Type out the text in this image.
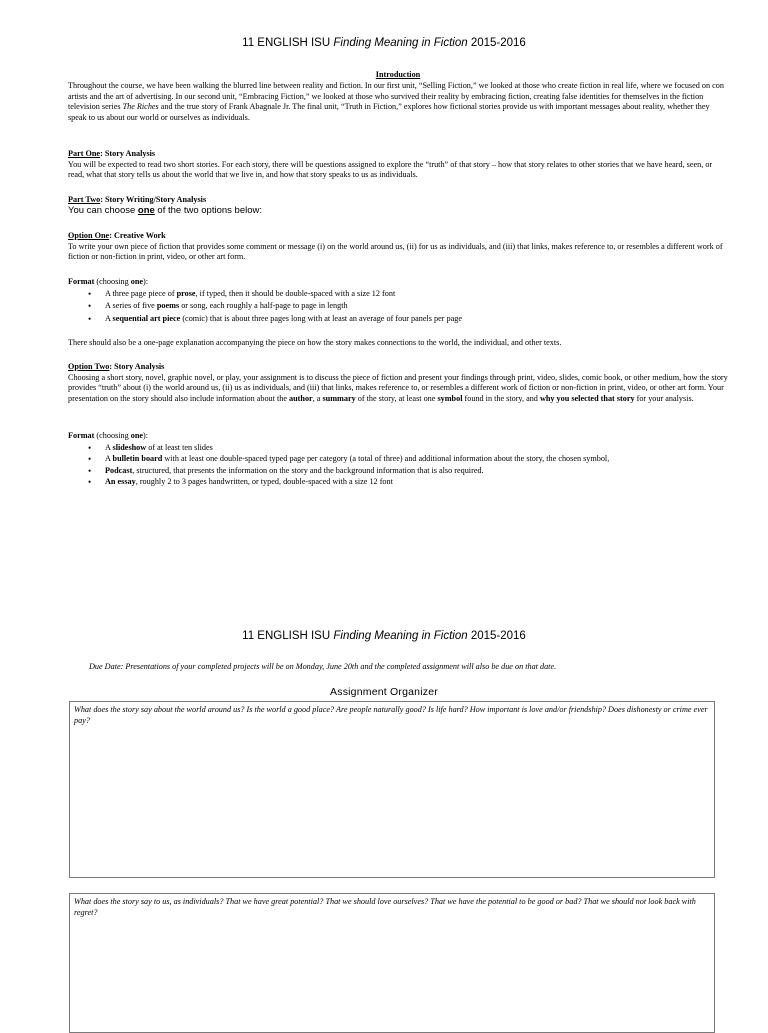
11 ENGLISH ISU Finding Meaning in Fiction 2015-2016
Introduction

Throughout the course, we have been walking the blurred line between reality and fiction. In our first unit, “Selling Fiction,” we looked at those who create fiction in real life, where we focused on con artists and the art of advertising. In our second unit, “Embracing Fiction,” we looked at those who survived their reality by embracing fiction, creating false identities for themselves in the fiction television series The Riches and the true story of Frank Abagnale Jr. The final unit, “Truth in Fiction,” explores how fictional stories provide us with important messages about reality, whether they speak to us about our world or ourselves as individuals.

Part One: Story Analysis

You will be expected to read two short stories. For each story, there will be questions assigned to explore the “truth” of that story – how that story relates to other stories that we have heard, seen, or read, what that story tells us about the world that we live in, and how that story speaks to us as individuals.

Part Two: Story Writing/Story Analysis
You can choose one of the two options below:
Option One: Creative Work

To write your own piece of fiction that provides some comment or message (i) on the world around us, (ii) for us as individuals, and (iii) that links, makes reference to, or resembles a different work of fiction or non-fiction in print, video, or other art form.

Format (choosing one):
• A three page piece of prose, if typed, then it should be double-spaced with a size 12 font
• A series of five poems or song, each roughly a half-page to page in length
• A sequential art piece (comic) that is about three pages long with at least an average of four panels per page
There should also be a one-page explanation accompanying the piece on how the story makes connections to the world, the individual, and other texts.
Option Two: Story Analysis

Choosing a short story, novel, graphic novel, or play, your assignment is to discuss the piece of fiction and present your findings through print, video, slides, comic book, or other medium, how the story provides “truth” about (i) the world around us, (ii) us as individuals, and (iii) that links, makes reference to, or resembles a different work of fiction or non-fiction in print, video, or other art form. Your presentation on the story should also include information about the author, a summary of the story, at least one symbol found in the story, and why you selected that story for your analysis.

Format (choosing one):
• A slideshow of at least ten slides
• A bulletin board with at least one double-spaced typed page per category (a total of three) and additional information about the story, the chosen symbol,
• Podcast, structured, that presents the information on the story and the background information that is also required.
• An essay, roughly 2 to 3 pages handwritten, or typed, double-spaced with a size 12 font
11 ENGLISH ISU Finding Meaning in Fiction 2015-2016
Due Date: Presentations of your completed projects will be on Monday, June 20th and the completed assignment will also be due on that date.
Assignment Organizer
What does the story say about the world around us? Is the world a good place? Are people naturally good? Is life hard? How important is love and/or friendship? Does dishonesty or crime ever pay?
What does the story say to us, as individuals? That we have great potential? That we should love ourselves? That we have the potential to be good or bad? That we should not look back with regret?
